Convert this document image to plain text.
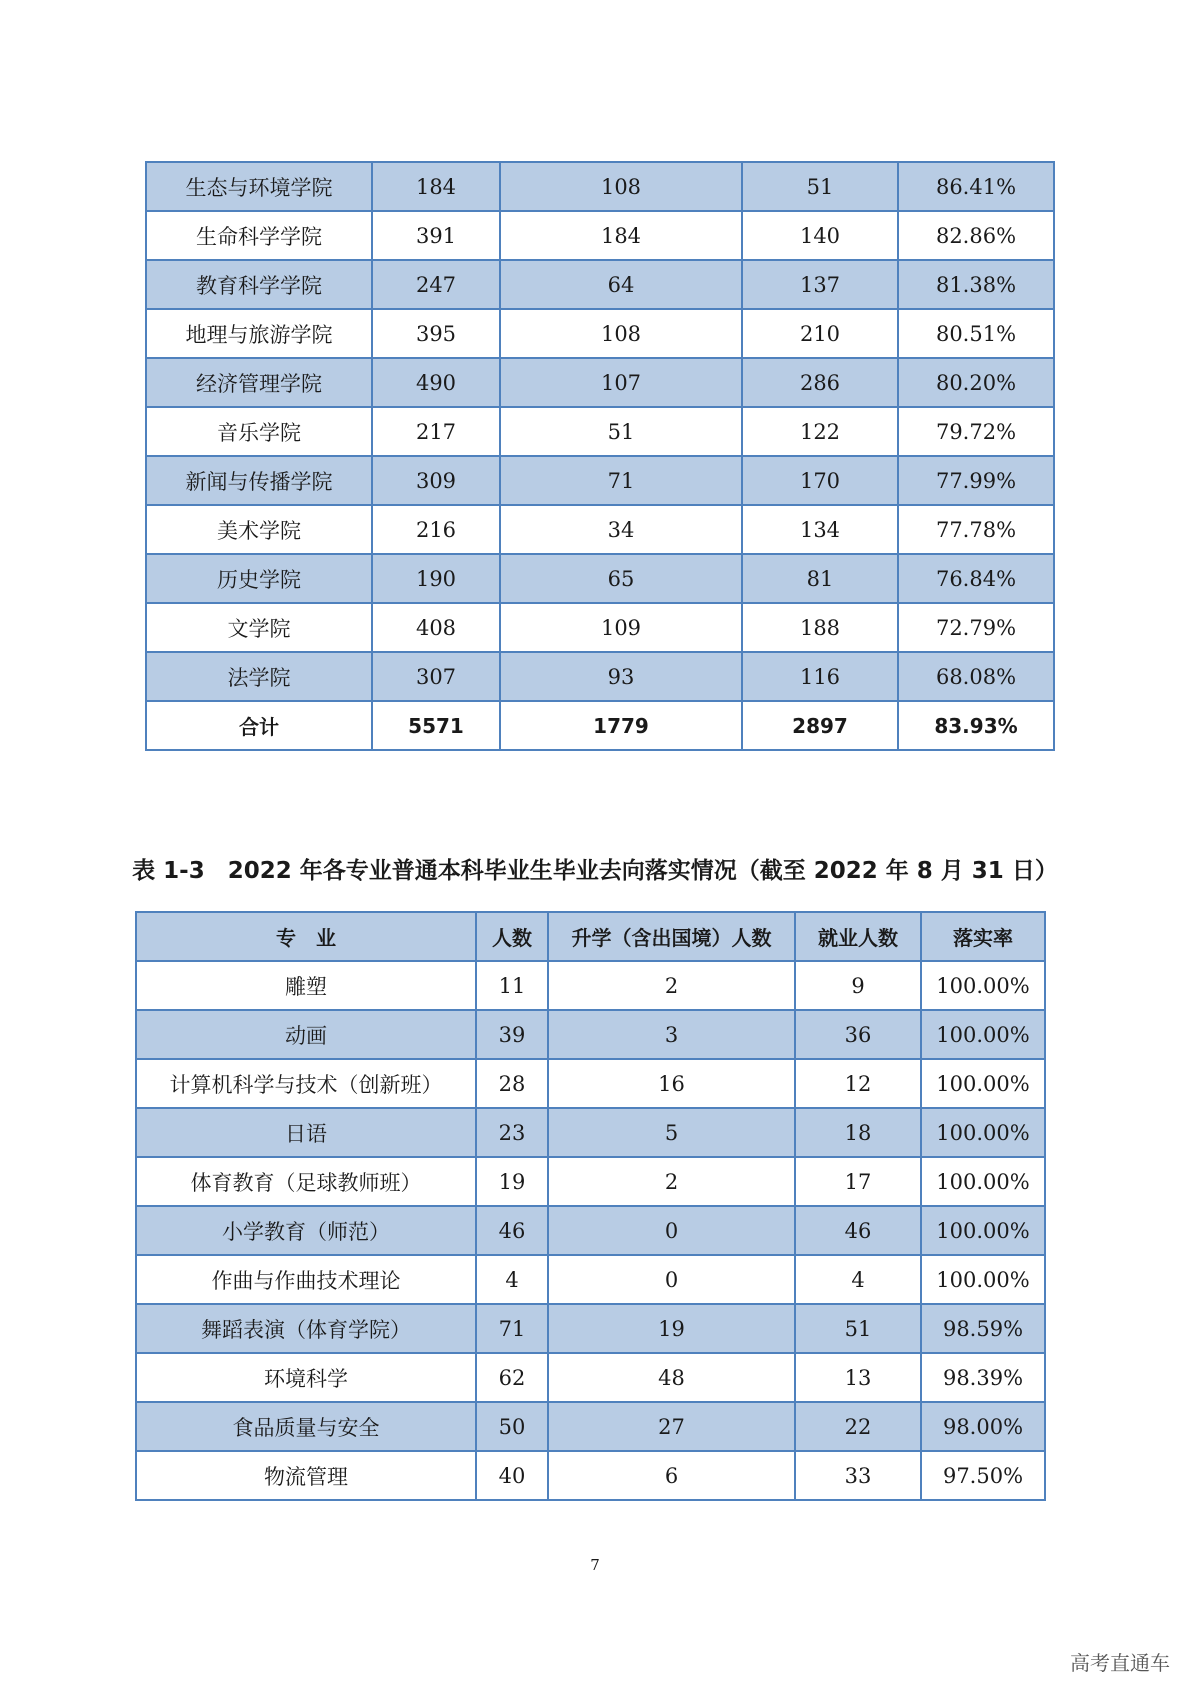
生态与环境学院	184	108	51	86.41%
生命科学学院	391	184	140	82.86%
教育科学学院	247	64	137	81.38%
地理与旅游学院	395	108	210	80.51%
经济管理学院	490	107	286	80.20%
音乐学院	217	51	122	79.72%
新闻与传播学院	309	71	170	77.99%
美术学院	216	34	134	77.78%
历史学院	190	65	81	76.84%
文学院	408	109	188	72.79%
法学院	307	93	116	68.08%
合计	5571	1779	2897	83.93%
表 1-3　2022 年各专业普通本科毕业生毕业去向落实情况（截至 2022 年 8 月 31 日）
专　业	人数	升学（含出国境）人数	就业人数	落实率
雕塑	11	2	9	100.00%
动画	39	3	36	100.00%
计算机科学与技术（创新班）	28	16	12	100.00%
日语	23	5	18	100.00%
体育教育（足球教师班）	19	2	17	100.00%
小学教育（师范）	46	0	46	100.00%
作曲与作曲技术理论	4	0	4	100.00%
舞蹈表演（体育学院）	71	19	51	98.59%
环境科学	62	48	13	98.39%
食品质量与安全	50	27	22	98.00%
物流管理	40	6	33	97.50%
7
高考直通车
